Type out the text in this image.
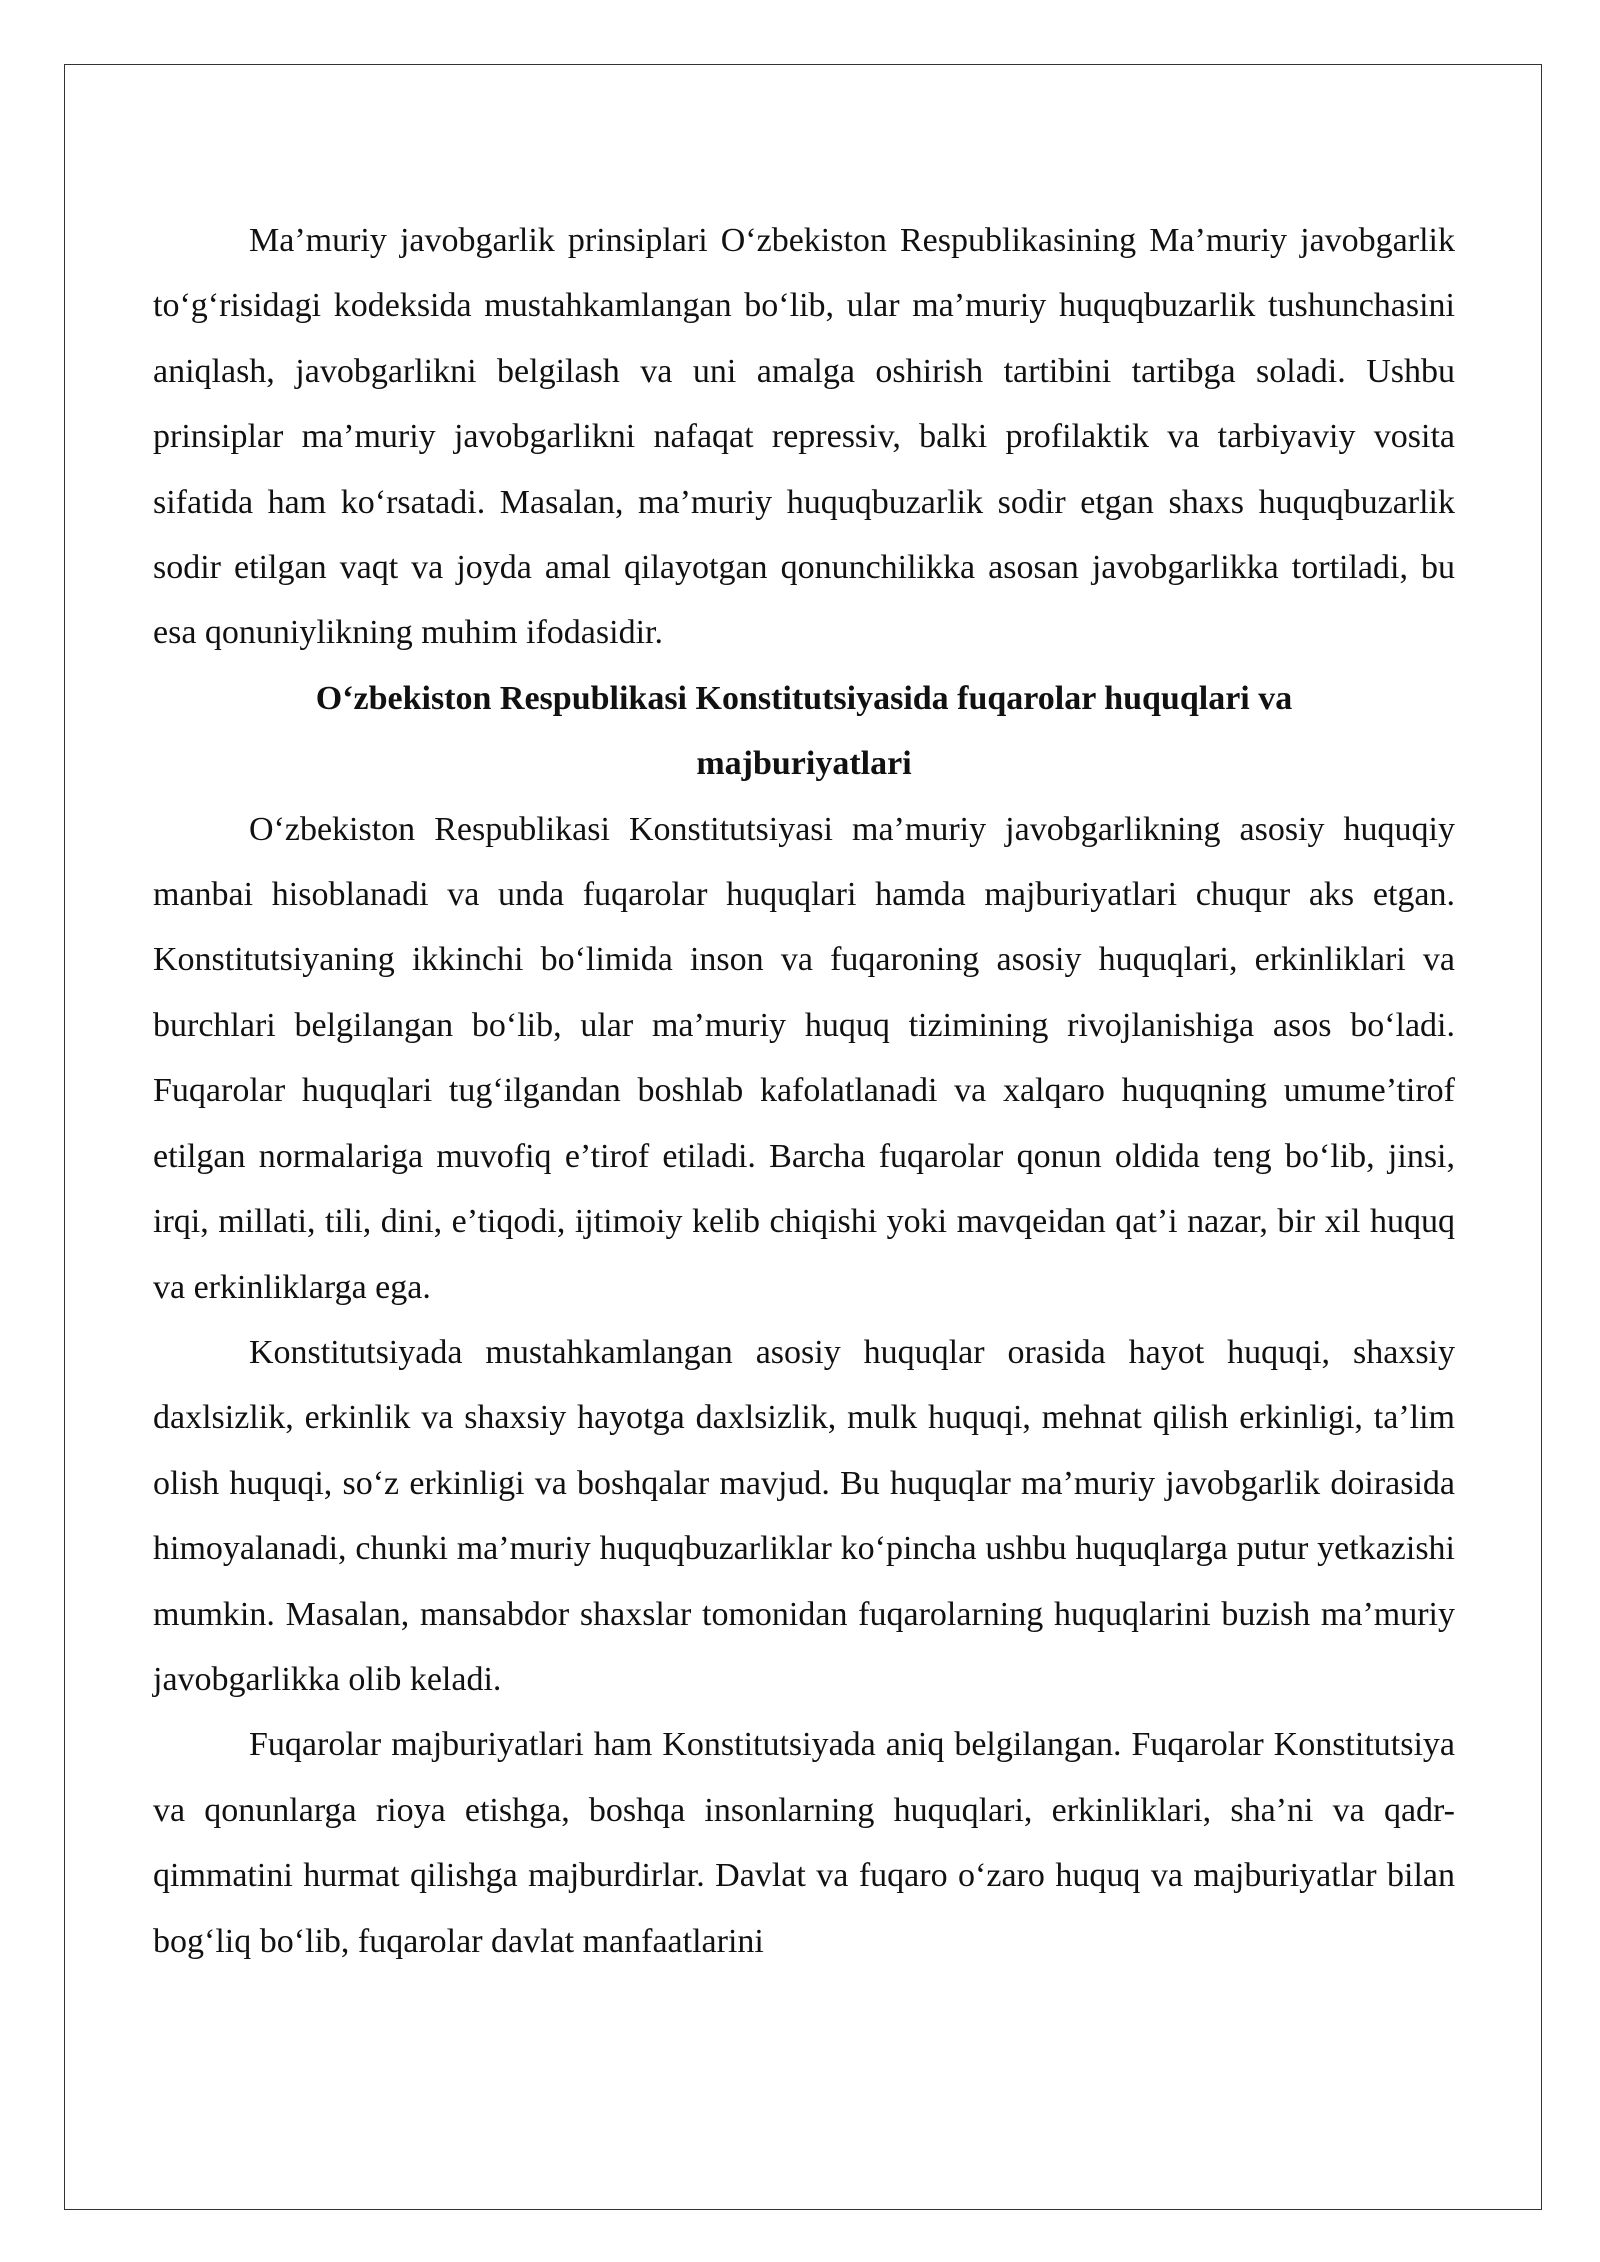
Ma’muriy javobgarlik prinsiplari O‘zbekiston Respublikasining Ma’muriy javobgarlik to‘g‘risidagi kodeksida mustahkamlangan bo‘lib, ular ma’muriy huquqbuzarlik tushunchasini aniqlash, javobgarlikni belgilash va uni amalga oshirish tartibini tartibga soladi. Ushbu prinsiplar ma’muriy javobgarlikni nafaqat repressiv, balki profilaktik va tarbiyaviy vosita sifatida ham ko‘rsatadi. Masalan, ma’muriy huquqbuzarlik sodir etgan shaxs huquqbuzarlik sodir etilgan vaqt va joyda amal qilayotgan qonunchilikka asosan javobgarlikka tortiladi, bu esa qonuniylikning muhim ifodasidir.

O‘zbekiston Respublikasi Konstitutsiyasida fuqarolar huquqlari va majburiyatlari

O‘zbekiston Respublikasi Konstitutsiyasi ma’muriy javobgarlikning asosiy huquqiy manbai hisoblanadi va unda fuqarolar huquqlari hamda majburiyatlari chuqur aks etgan. Konstitutsiyaning ikkinchi bo‘limida inson va fuqaroning asosiy huquqlari, erkinliklari va burchlari belgilangan bo‘lib, ular ma’muriy huquq tizimining rivojlanishiga asos bo‘ladi. Fuqarolar huquqlari tug‘ilgandan boshlab kafolatlanadi va xalqaro huquqning umume’tirof etilgan normalariga muvofiq e’tirof etiladi. Barcha fuqarolar qonun oldida teng bo‘lib, jinsi, irqi, millati, tili, dini, e’tiqodi, ijtimoiy kelib chiqishi yoki mavqeidan qat’i nazar, bir xil huquq va erkinliklarga ega.

Konstitutsiyada mustahkamlangan asosiy huquqlar orasida hayot huquqi, shaxsiy daxlsizlik, erkinlik va shaxsiy hayotga daxlsizlik, mulk huquqi, mehnat qilish erkinligi, ta’lim olish huquqi, so‘z erkinligi va boshqalar mavjud. Bu huquqlar ma’muriy javobgarlik doirasida himoyalanadi, chunki ma’muriy huquqbuzarliklar ko‘pincha ushbu huquqlarga putur yetkazishi mumkin. Masalan, mansabdor shaxslar tomonidan fuqarolarning huquqlarini buzish ma’muriy javobgarlikka olib keladi.

Fuqarolar majburiyatlari ham Konstitutsiyada aniq belgilangan. Fuqarolar Konstitutsiya va qonunlarga rioya etishga, boshqa insonlarning huquqlari, erkinliklari, sha’ni va qadr-qimmatini hurmat qilishga majburdirlar. Davlat va fuqaro o‘zaro huquq va majburiyatlar bilan bog‘liq bo‘lib, fuqarolar davlat manfaatlarini
